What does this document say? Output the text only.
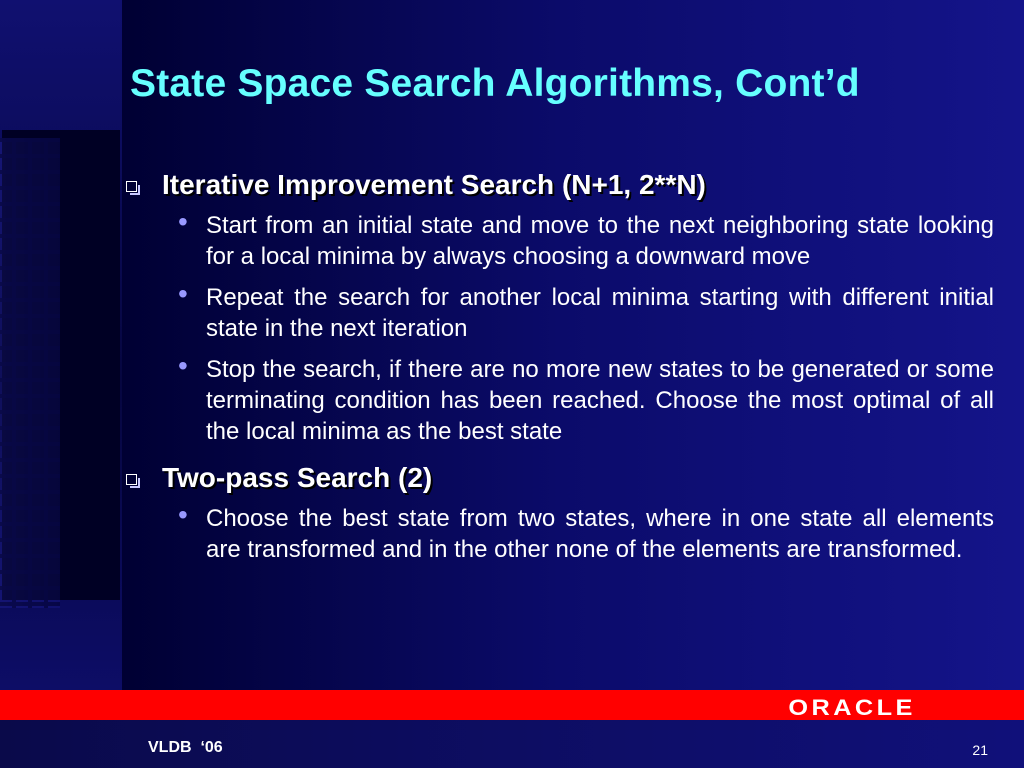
State Space Search Algorithms, Cont’d
Iterative Improvement Search (N+1, 2**N)
• Start from an initial state and move to the next neighboring state looking for a local minima by always choosing a downward move
• Repeat the search for another local minima starting with different initial state in the next iteration
• Stop the search, if there are no more new states to be generated or some terminating condition has been reached. Choose the most optimal of all the local minima as the best state
Two-pass Search (2)
• Choose the best state from two states, where in one state all elements are transformed and in the other none of the elements are transformed.
ORACLE
VLDB  ‘06	21
